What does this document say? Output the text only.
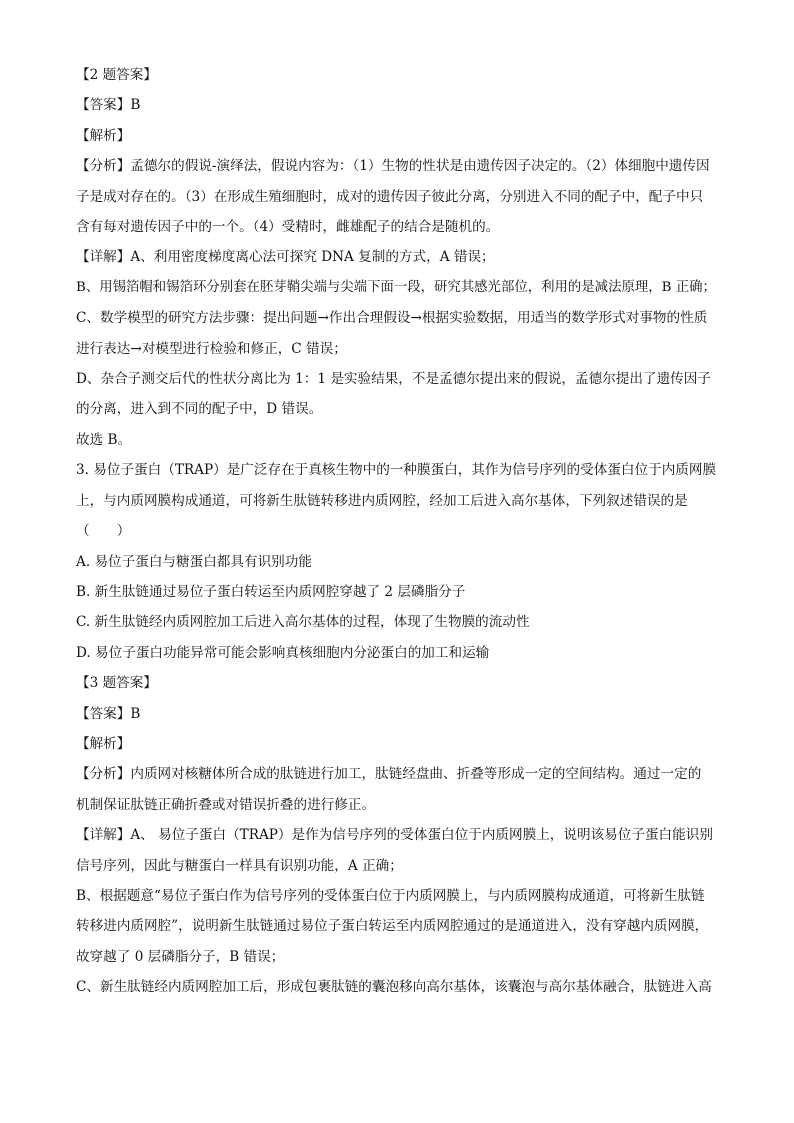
【2 题答案】
【答案】B
【解析】
【分析】孟德尔的假说-演绎法，假说内容为：（1）生物的性状是由遗传因子决定的。（2）体细胞中遗传因
子是成对存在的。（3）在形成生殖细胞时，成对的遗传因子彼此分离，分别进入不同的配子中，配子中只
含有每对遗传因子中的一个。（4）受精时，雌雄配子的结合是随机的。
【详解】A、利用密度梯度离心法可探究 DNA 复制的方式，A 错误；
B、用锡箔帽和锡箔环分别套在胚芽鞘尖端与尖端下面一段，研究其感光部位，利用的是减法原理，B 正确；
C、数学模型的研究方法步骤：提出问题→作出合理假设→根据实验数据，用适当的数学形式对事物的性质
进行表达→对模型进行检验和修正，C 错误；
D、杂合子测交后代的性状分离比为 1：1 是实验结果，不是孟德尔提出来的假说，孟德尔提出了遗传因子
的分离，进入到不同的配子中，D 错误。
故选 B。
3. 易位子蛋白（TRAP）是广泛存在于真核生物中的一种膜蛋白，其作为信号序列的受体蛋白位于内质网膜
上，与内质网膜构成通道，可将新生肽链转移进内质网腔，经加工后进入高尔基体，下列叙述错误的是
（　　）
A. 易位子蛋白与糖蛋白都具有识别功能
B. 新生肽链通过易位子蛋白转运至内质网腔穿越了 2 层磷脂分子
C. 新生肽链经内质网腔加工后进入高尔基体的过程，体现了生物膜的流动性
D. 易位子蛋白功能异常可能会影响真核细胞内分泌蛋白的加工和运输
【3 题答案】
【答案】B
【解析】
【分析】内质网对核糖体所合成的肽链进行加工，肽链经盘曲、折叠等形成一定的空间结构。通过一定的
机制保证肽链正确折叠或对错误折叠的进行修正。
【详解】A、 易位子蛋白（TRAP）是作为信号序列的受体蛋白位于内质网膜上，说明该易位子蛋白能识别
信号序列，因此与糖蛋白一样具有识别功能，A 正确；
B、根据题意“易位子蛋白作为信号序列的受体蛋白位于内质网膜上，与内质网膜构成通道，可将新生肽链
转移进内质网腔”，说明新生肽链通过易位子蛋白转运至内质网腔通过的是通道进入，没有穿越内质网膜，
故穿越了 0 层磷脂分子，B 错误；
C、新生肽链经内质网腔加工后，形成包裹肽链的囊泡移向高尔基体，该囊泡与高尔基体融合，肽链进入高
